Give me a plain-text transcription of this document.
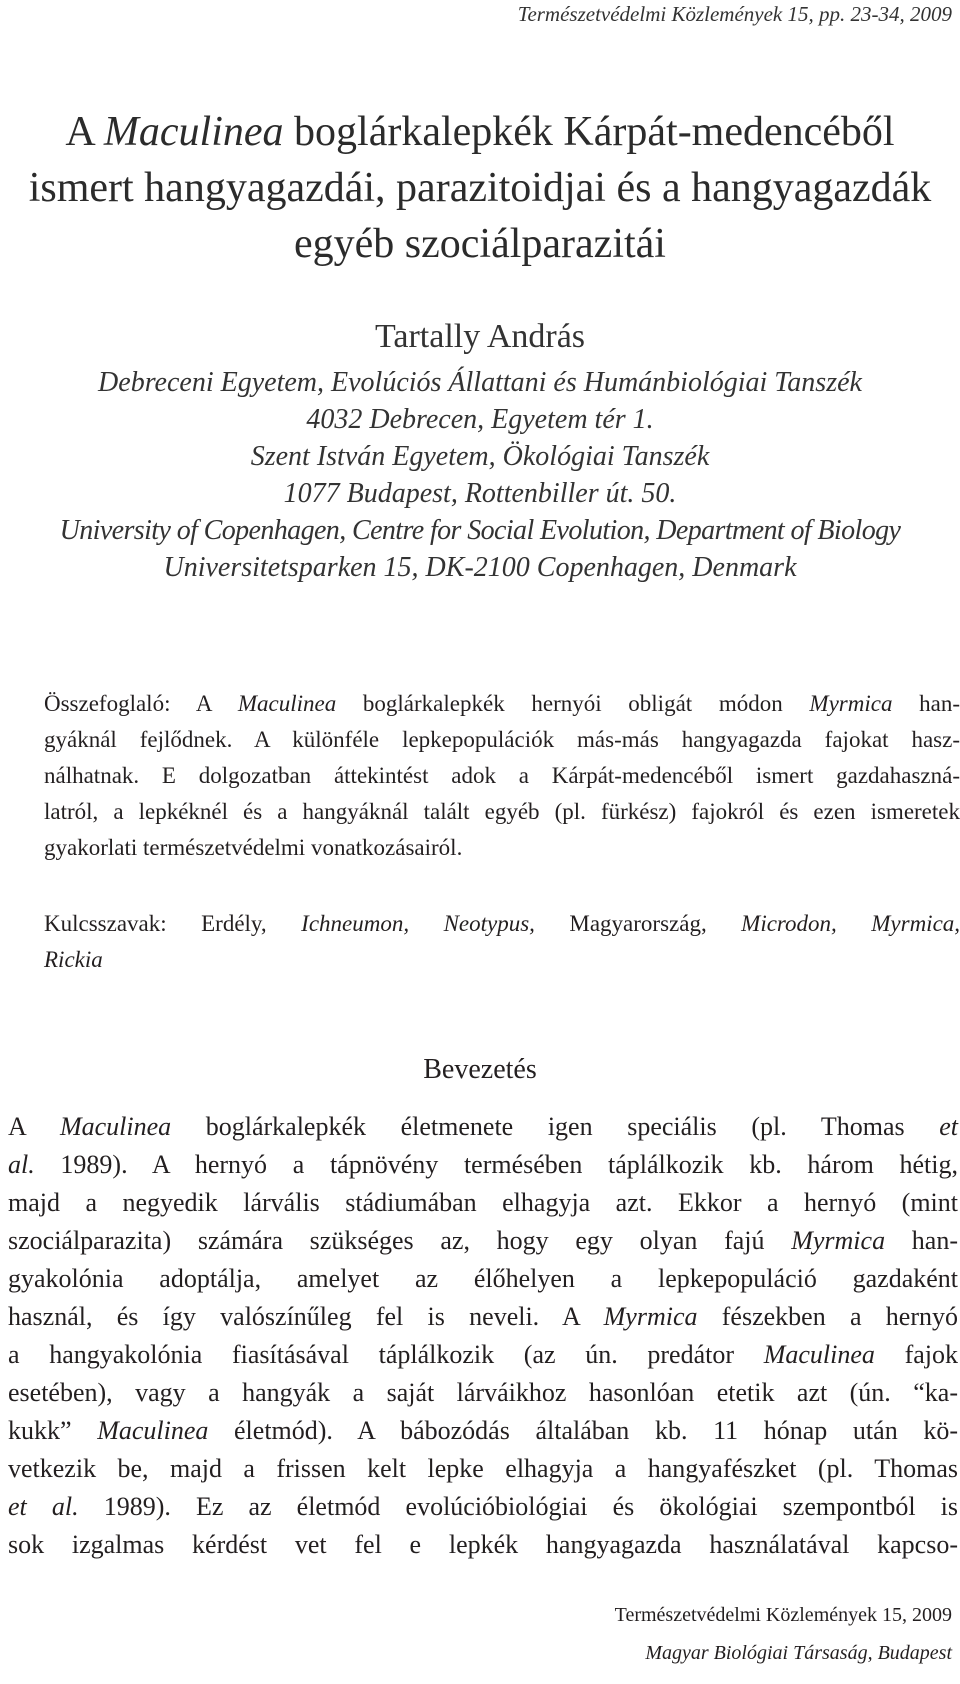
Természetvédelmi Közlemények 15, pp. 23-34, 2009
A Maculinea boglárkalepkék Kárpát-medencéből
ismert hangyagazdái, parazitoidjai és a hangyagazdák
egyéb szociálparazitái
Tartally András
Debreceni Egyetem, Evolúciós Állattani és Humánbiológiai Tanszék
4032 Debrecen, Egyetem tér 1.
Szent István Egyetem, Ökológiai Tanszék
1077 Budapest, Rottenbiller út. 50.
University of Copenhagen, Centre for Social Evolution, Department of Biology
Universitetsparken 15, DK-2100 Copenhagen, Denmark
Összefoglaló: A Maculinea boglárkalepkék hernyói obligát módon Myrmica han-
gyáknál fejlődnek. A különféle lepkepopulációk más-más hangyagazda fajokat hasz-
nálhatnak. E dolgozatban áttekintést adok a Kárpát-medencéből ismert gazdahaszná-
latról, a lepkéknél és a hangyáknál talált egyéb (pl. fürkész) fajokról és ezen ismeretek
gyakorlati természetvédelmi vonatkozásairól.
Kulcsszavak: Erdély, Ichneumon, Neotypus, Magyarország, Microdon, Myrmica,
Rickia
Bevezetés
A Maculinea boglárkalepkék életmenete igen speciális (pl. Thomas et
al. 1989). A hernyó a tápnövény termésében táplálkozik kb. három hétig,
majd a negyedik lárvális stádiumában elhagyja azt. Ekkor a hernyó (mint
szociálparazita) számára szükséges az, hogy egy olyan fajú Myrmica han-
gyakolónia adoptálja, amelyet az élőhelyen a lepkepopuláció gazdaként
használ, és így valószínűleg fel is neveli. A Myrmica fészekben a hernyó
a hangyakolónia fiasításával táplálkozik (az ún. predátor Maculinea fajok
esetében), vagy a hangyák a saját lárváikhoz hasonlóan etetik azt (ún. “ka-
kukk” Maculinea életmód). A bábozódás általában kb. 11 hónap után kö-
vetkezik be, majd a frissen kelt lepke elhagyja a hangyafészket (pl. Thomas
et al. 1989). Ez az életmód evolúcióbiológiai és ökológiai szempontból is
sok izgalmas kérdést vet fel e lepkék hangyagazda használatával kapcso-
Természetvédelmi Közlemények 15, 2009
Magyar Biológiai Társaság, Budapest
